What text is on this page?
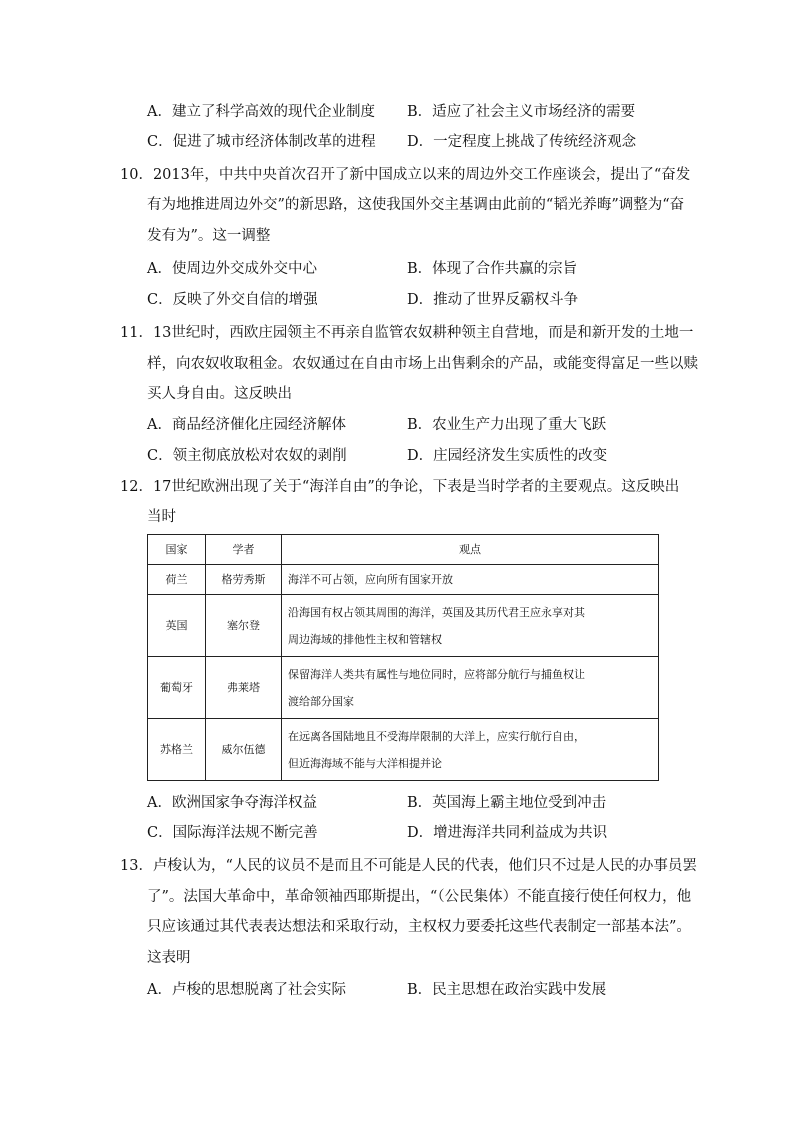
A．建立了科学高效的现代企业制度 B．适应了社会主义市场经济的需要
C．促进了城市经济体制改革的进程 D．一定程度上挑战了传统经济观念
10．2013年，中共中央首次召开了新中国成立以来的周边外交工作座谈会，提出了“奋发
有为地推进周边外交”的新思路，这使我国外交主基调由此前的“韬光养晦”调整为“奋
发有为”。这一调整
A．使周边外交成外交中心	B．体现了合作共赢的宗旨
C．反映了外交自信的增强	D．推动了世界反霸权斗争
11．13世纪时，西欧庄园领主不再亲自监管农奴耕种领主自营地，而是和新开发的土地一
样，向农奴收取租金。农奴通过在自由市场上出售剩余的产品，或能变得富足一些以赎
买人身自由。这反映出
A．商品经济催化庄园经济解体	B．农业生产力出现了重大飞跃
C．领主彻底放松对农奴的剥削	D．庄园经济发生实质性的改变
12．17世纪欧洲出现了关于“海洋自由”的争论，下表是当时学者的主要观点。这反映出
当时
国家	学者	观点
荷兰	格劳秀斯	海洋不可占领，应向所有国家开放
英国	塞尔登	沿海国有权占领其周围的海洋，英国及其历代君王应永享对其
周边海域的排他性主权和管辖权

葡萄牙	弗莱塔	保留海洋人类共有属性与地位同时，应将部分航行与捕鱼权让
渡给部分国家

苏格兰	威尔伍德	在远离各国陆地且不受海岸限制的大洋上，应实行航行自由，
但近海海域不能与大洋相提并论
A．欧洲国家争夺海洋权益	B．英国海上霸主地位受到冲击
C．国际海洋法规不断完善	D．增进海洋共同利益成为共识
13．卢梭认为，“人民的议员不是而且不可能是人民的代表，他们只不过是人民的办事员罢
了”。法国大革命中，革命领袖西耶斯提出，“（公民集体）不能直接行使任何权力，他
只应该通过其代表表达想法和采取行动，主权权力要委托这些代表制定一部基本法”。
这表明
A．卢梭的思想脱离了社会实际	B．民主思想在政治实践中发展
